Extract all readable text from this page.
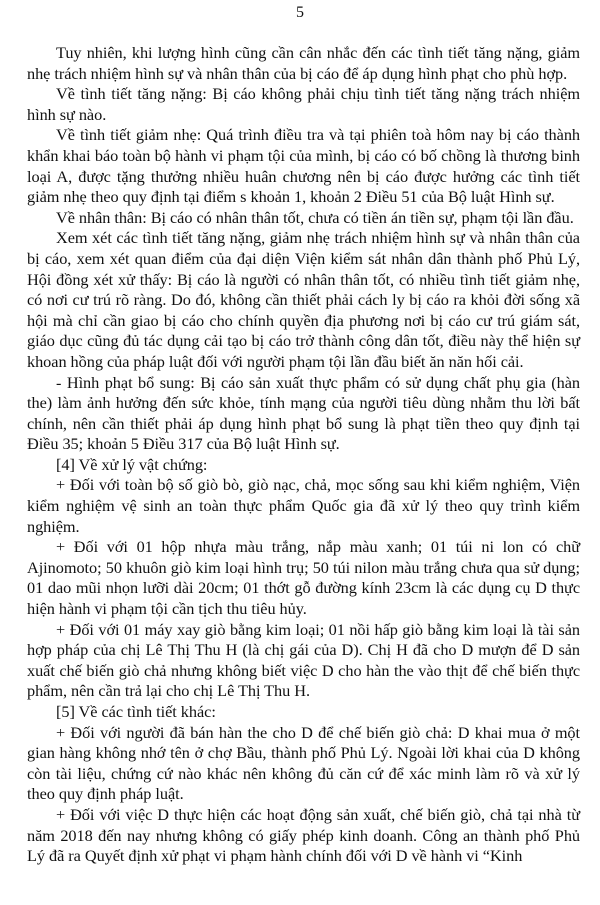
5

Tuy nhiên, khi lượng hình cũng cần cân nhắc đến các tình tiết tăng nặng, giảm nhẹ trách nhiệm hình sự và nhân thân của bị cáo để áp dụng hình phạt cho phù hợp.

Về tình tiết tăng nặng: Bị cáo không phải chịu tình tiết tăng nặng trách nhiệm hình sự nào.

Về tình tiết giảm nhẹ: Quá trình điều tra và tại phiên toà hôm nay bị cáo thành khẩn khai báo toàn bộ hành vi phạm tội của mình, bị cáo có bố chồng là thương binh loại A, được tặng thưởng nhiều huân chương nên bị cáo được hưởng các tình tiết giảm nhẹ theo quy định tại điểm s khoản 1, khoản 2 Điều 51 của Bộ luật Hình sự.

Về nhân thân: Bị cáo có nhân thân tốt, chưa có tiền án tiền sự, phạm tội lần đầu.

Xem xét các tình tiết tăng nặng, giảm nhẹ trách nhiệm hình sự và nhân thân của bị cáo, xem xét quan điểm của đại diện Viện kiểm sát nhân dân thành phố Phủ Lý, Hội đồng xét xử thấy: Bị cáo là người có nhân thân tốt, có nhiều tình tiết giảm nhẹ, có nơi cư trú rõ ràng. Do đó, không cần thiết phải cách ly bị cáo ra khỏi đời sống xã hội mà chỉ cần giao bị cáo cho chính quyền địa phương nơi bị cáo cư trú giám sát, giáo dục cũng đủ tác dụng cải tạo bị cáo trở thành công dân tốt, điều này thể hiện sự khoan hồng của pháp luật đối với người phạm tội lần đầu biết ăn năn hối cải.

- Hình phạt bổ sung: Bị cáo sản xuất thực phẩm có sử dụng chất phụ gia (hàn the) làm ảnh hưởng đến sức khỏe, tính mạng của người tiêu dùng nhằm thu lời bất chính, nên cần thiết phải áp dụng hình phạt bổ sung là phạt tiền theo quy định tại Điều 35; khoản 5 Điều 317 của Bộ luật Hình sự.

[4] Về xử lý vật chứng:

+ Đối với toàn bộ số giò bò, giò nạc, chả, mọc sống sau khi kiểm nghiệm, Viện kiểm nghiệm vệ sinh an toàn thực phẩm Quốc gia đã xử lý theo quy trình kiểm nghiệm.

+ Đối với 01 hộp nhựa màu trắng, nắp màu xanh; 01 túi ni lon có chữ Ajinomoto; 50 khuôn giò kim loại hình trụ; 50 túi nilon màu trắng chưa qua sử dụng; 01 dao mũi nhọn lưỡi dài 20cm; 01 thớt gỗ đường kính 23cm là các dụng cụ D thực hiện hành vi phạm tội cần tịch thu tiêu hủy.

+ Đối với 01 máy xay giò bằng kim loại; 01 nồi hấp giò bằng kim loại là tài sản hợp pháp của chị Lê Thị Thu H (là chị gái của D). Chị H đã cho D mượn để D sản xuất chế biến giò chả nhưng không biết việc D cho hàn the vào thịt để chế biến thực phẩm, nên cần trả lại cho chị Lê Thị Thu H.

[5] Về các tình tiết khác:

+ Đối với người đã bán hàn the cho D để chế biến giò chả: D khai mua ở một gian hàng không nhớ tên ở chợ Bầu, thành phố Phủ Lý. Ngoài lời khai của D không còn tài liệu, chứng cứ nào khác nên không đủ căn cứ để xác minh làm rõ và xử lý theo quy định pháp luật.

+ Đối với việc D thực hiện các hoạt động sản xuất, chế biến giò, chả tại nhà từ năm 2018 đến nay nhưng không có giấy phép kinh doanh. Công an thành phố Phủ Lý đã ra Quyết định xử phạt vi phạm hành chính đối với D về hành vi “Kinh
